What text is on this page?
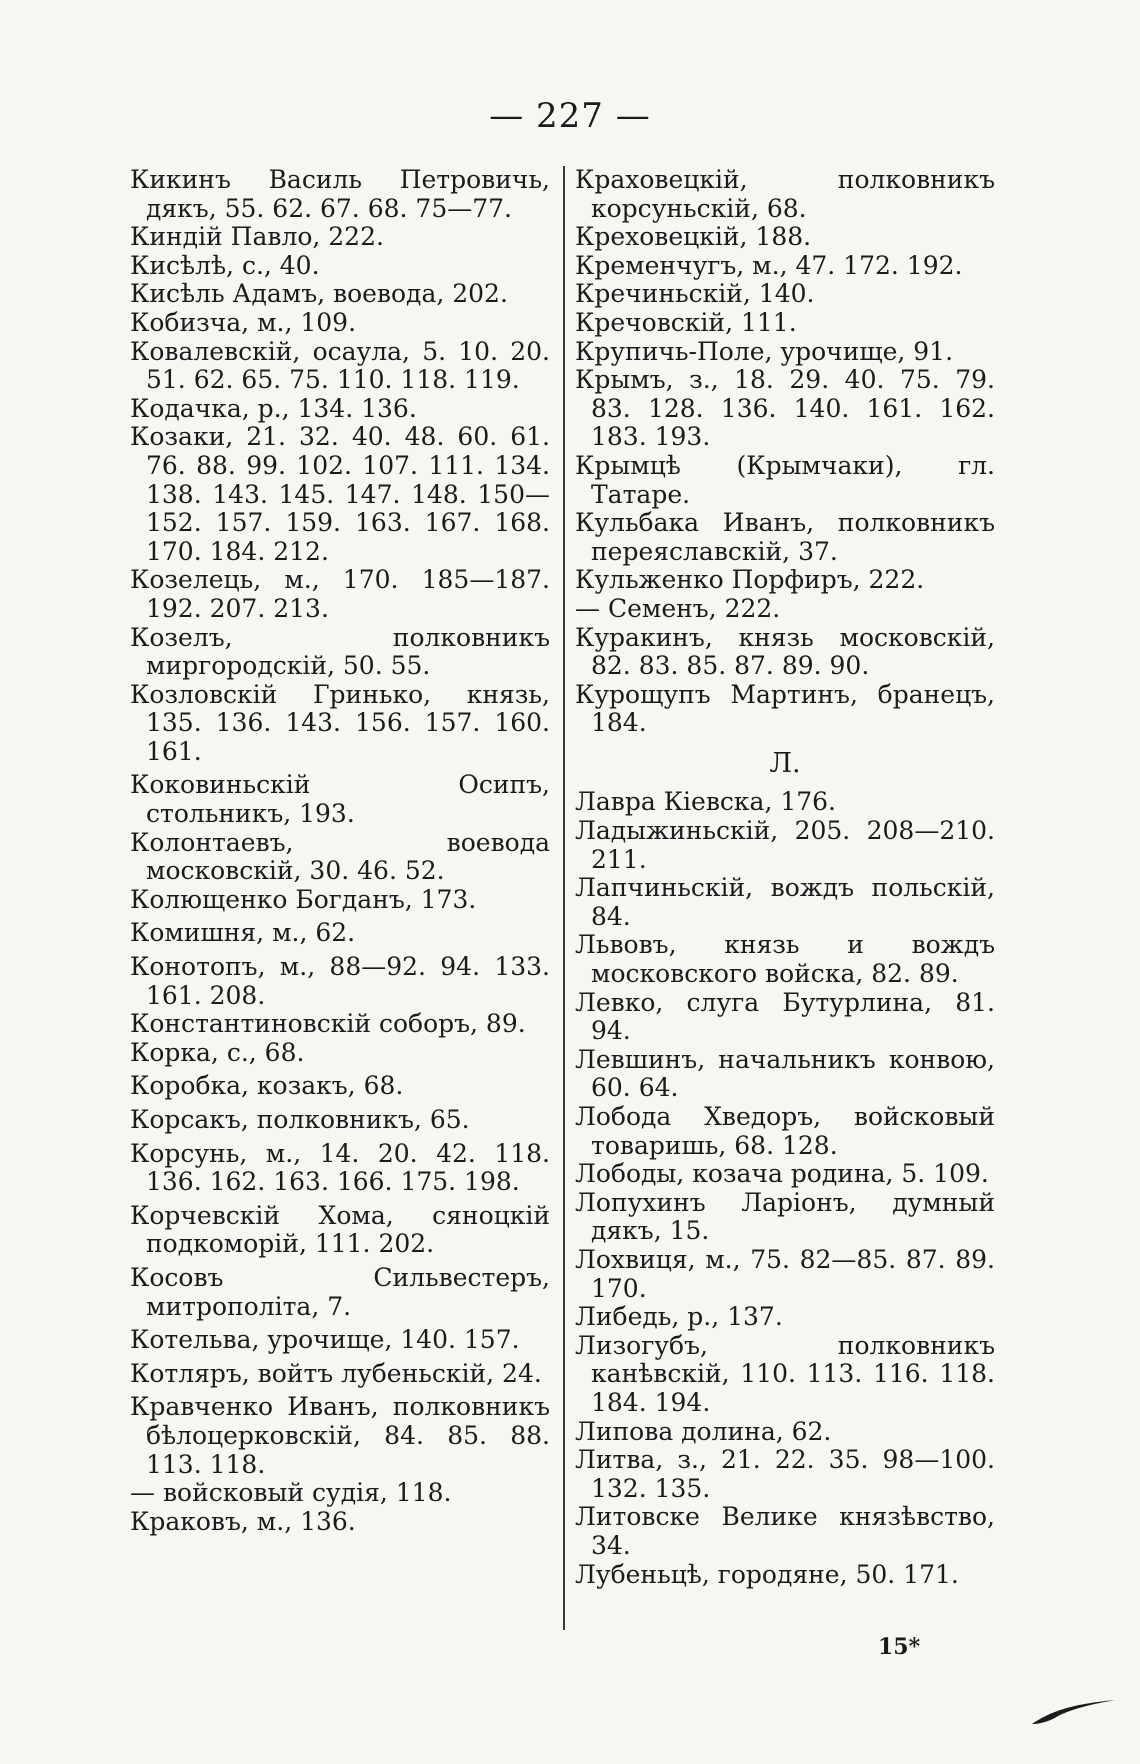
— 227 —

Кикинъ Василь Петровичь, дякъ, 55. 62. 67. 68. 75—77.

Киндій Павло, 222.

Кисѣлѣ, с., 40.

Кисѣль Адамъ, воевода, 202.

Кобизча, м., 109.

Ковалевскій, осаула, 5. 10. 20. 51. 62. 65. 75. 110. 118. 119.

Кодачка, р., 134. 136.

Козаки, 21. 32. 40. 48. 60. 61. 76. 88. 99. 102. 107. 111. 134. 138. 143. 145. 147. 148. 150—152. 157. 159. 163. 167. 168. 170. 184. 212.

Козелець, м., 170. 185—187. 192. 207. 213.

Козелъ, полковникъ миргородскій, 50. 55.

Козловскій Гринько, князь, 135. 136. 143. 156. 157. 160. 161.

Коковиньскій Осипъ, стольникъ, 193.

Колонтаевъ, воевода московскій, 30. 46. 52.

Колющенко Богданъ, 173.

Комишня, м., 62.

Конотопъ, м., 88—92. 94. 133. 161. 208.

Константиновскій соборъ, 89.

Корка, с., 68.

Коробка, козакъ, 68.

Корсакъ, полковникъ, 65.

Корсунь, м., 14. 20. 42. 118. 136. 162. 163. 166. 175. 198.

Корчевскій Хома, сяноцкій подкоморій, 111. 202.

Косовъ Сильвестеръ, митрополіта, 7.

Котельва, урочище, 140. 157.

Котляръ, войтъ лубеньскій, 24.

Кравченко Иванъ, полковникъ бѣлоцерковскій, 84. 85. 88. 113. 118.

— войсковый судія, 118.

Краковъ, м., 136.

Краховецкій, полковникъ корсуньскій, 68.

Креховецкій, 188.

Кременчугъ, м., 47. 172. 192.

Кречиньскій, 140.

Кречовскій, 111.

Крупичь-Поле, урочище, 91.

Крымъ, з., 18. 29. 40. 75. 79. 83. 128. 136. 140. 161. 162. 183. 193.

Крымцѣ (Крымчаки), гл. Татаре.

Кульбака Иванъ, полковникъ переяславскій, 37.

Кульженко Порфиръ, 222.

— Семенъ, 222.

Куракинъ, князь московскій, 82. 83. 85. 87. 89. 90.

Курощупъ Мартинъ, бранецъ, 184.

Л.

Лавра Кіевска, 176.

Ладыжиньскій, 205. 208—210. 211.

Лапчиньскій, вождъ польскій, 84.

Львовъ, князь и вождъ московского войска, 82. 89.

Левко, слуга Бутурлина, 81. 94.

Левшинъ, начальникъ конвою, 60. 64.

Лобода Хведоръ, войсковый товаришь, 68. 128.

Лободы, козача родина, 5. 109.

Лопухинъ Ларіонъ, думный дякъ, 15.

Лохвиця, м., 75. 82—85. 87. 89. 170.

Либедь, р., 137.

Лизогубъ, полковникъ канѣвскій, 110. 113. 116. 118. 184. 194.

Липова долина, 62.

Литва, з., 21. 22. 35. 98—100. 132. 135.

Литовске Велике князѣвство, 34.

Лубеньцѣ, городяне, 50. 171.

15*
